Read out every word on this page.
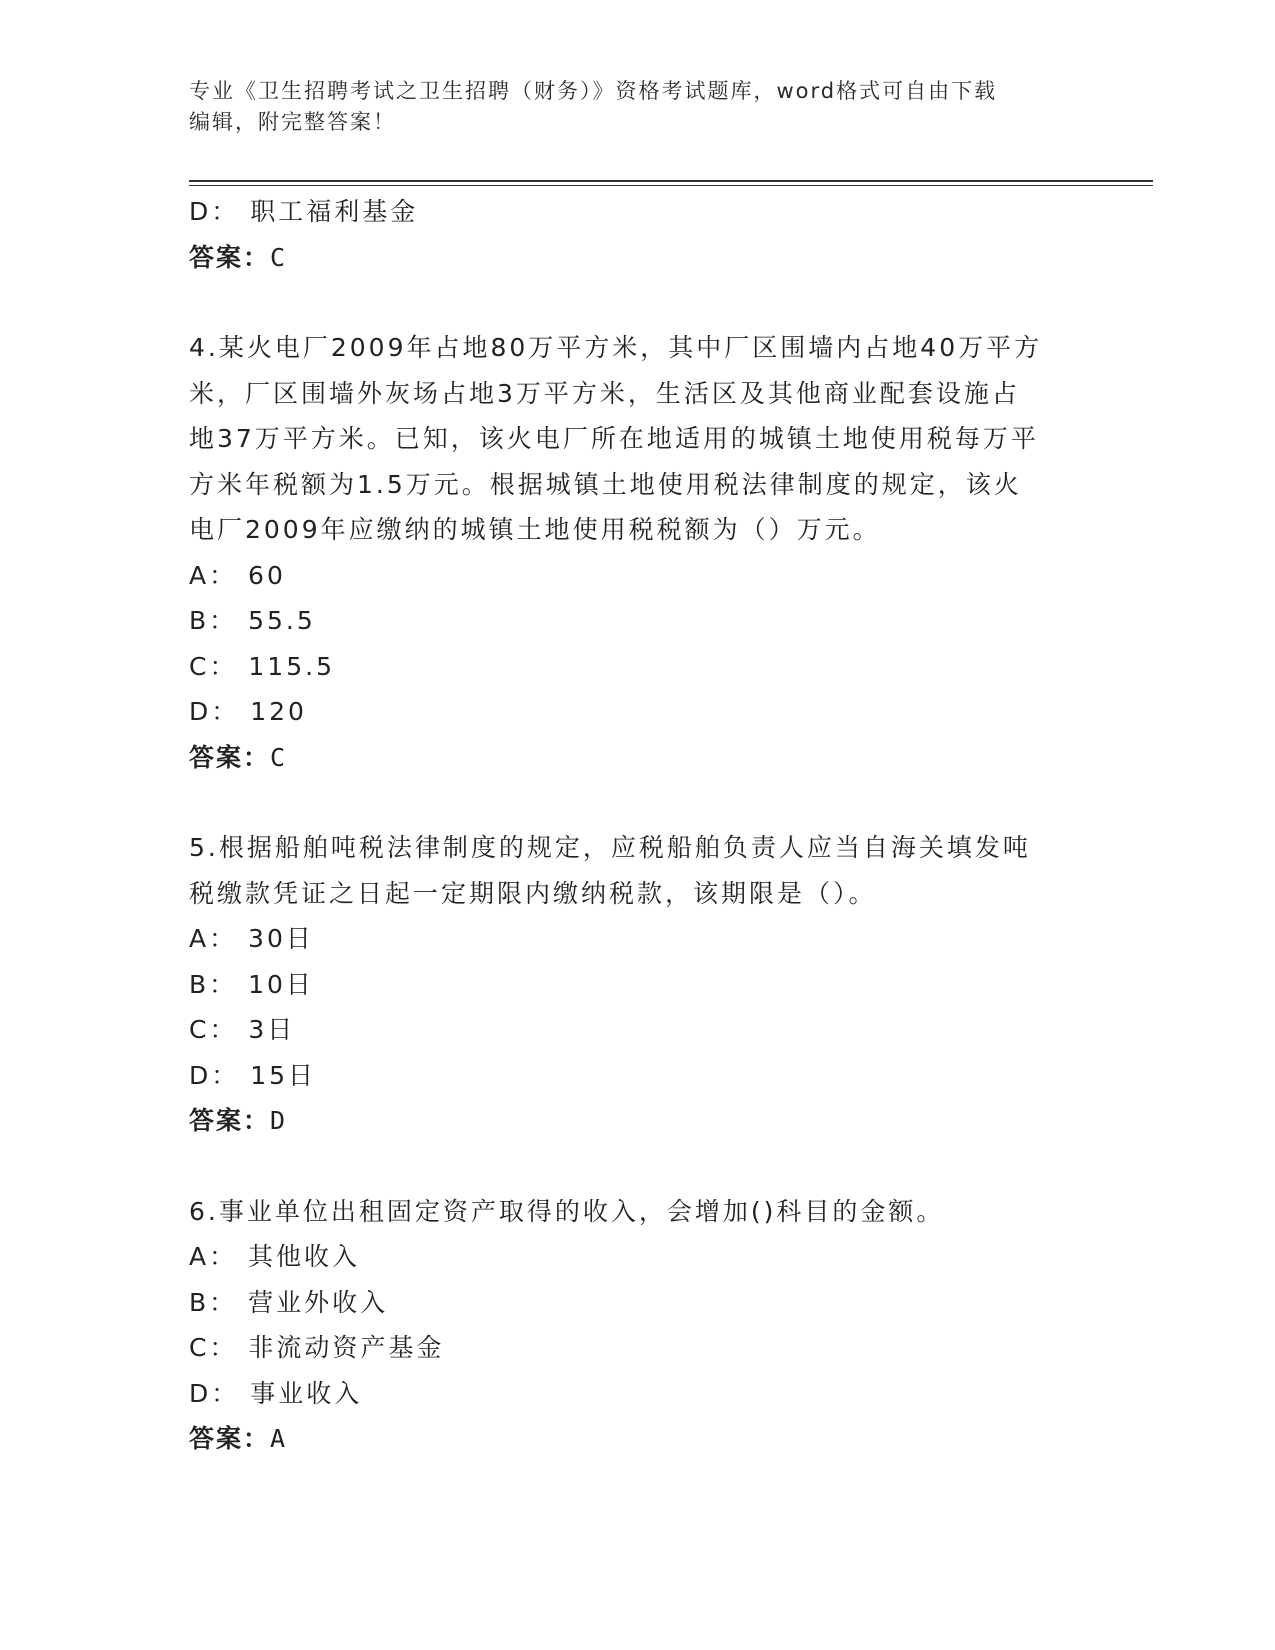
专业《卫生招聘考试之卫生招聘（财务）》资格考试题库，word格式可自由下载
编辑，附完整答案！
D： 职工福利基金
答案：C
4.某火电厂2009年占地80万平方米，其中厂区围墙内占地40万平方
米，厂区围墙外灰场占地3万平方米，生活区及其他商业配套设施占
地37万平方米。已知，该火电厂所在地适用的城镇土地使用税每万平
方米年税额为1.5万元。根据城镇土地使用税法律制度的规定，该火
电厂2009年应缴纳的城镇土地使用税税额为（）万元。
A： 60
B： 55.5
C： 115.5
D： 120
答案：C
5.根据船舶吨税法律制度的规定，应税船舶负责人应当自海关填发吨
税缴款凭证之日起一定期限内缴纳税款，该期限是（）。
A： 30日
B： 10日
C： 3日
D： 15日
答案：D
6.事业单位出租固定资产取得的收入，会增加()科目的金额。
A： 其他收入
B： 营业外收入
C： 非流动资产基金
D： 事业收入
答案：A
